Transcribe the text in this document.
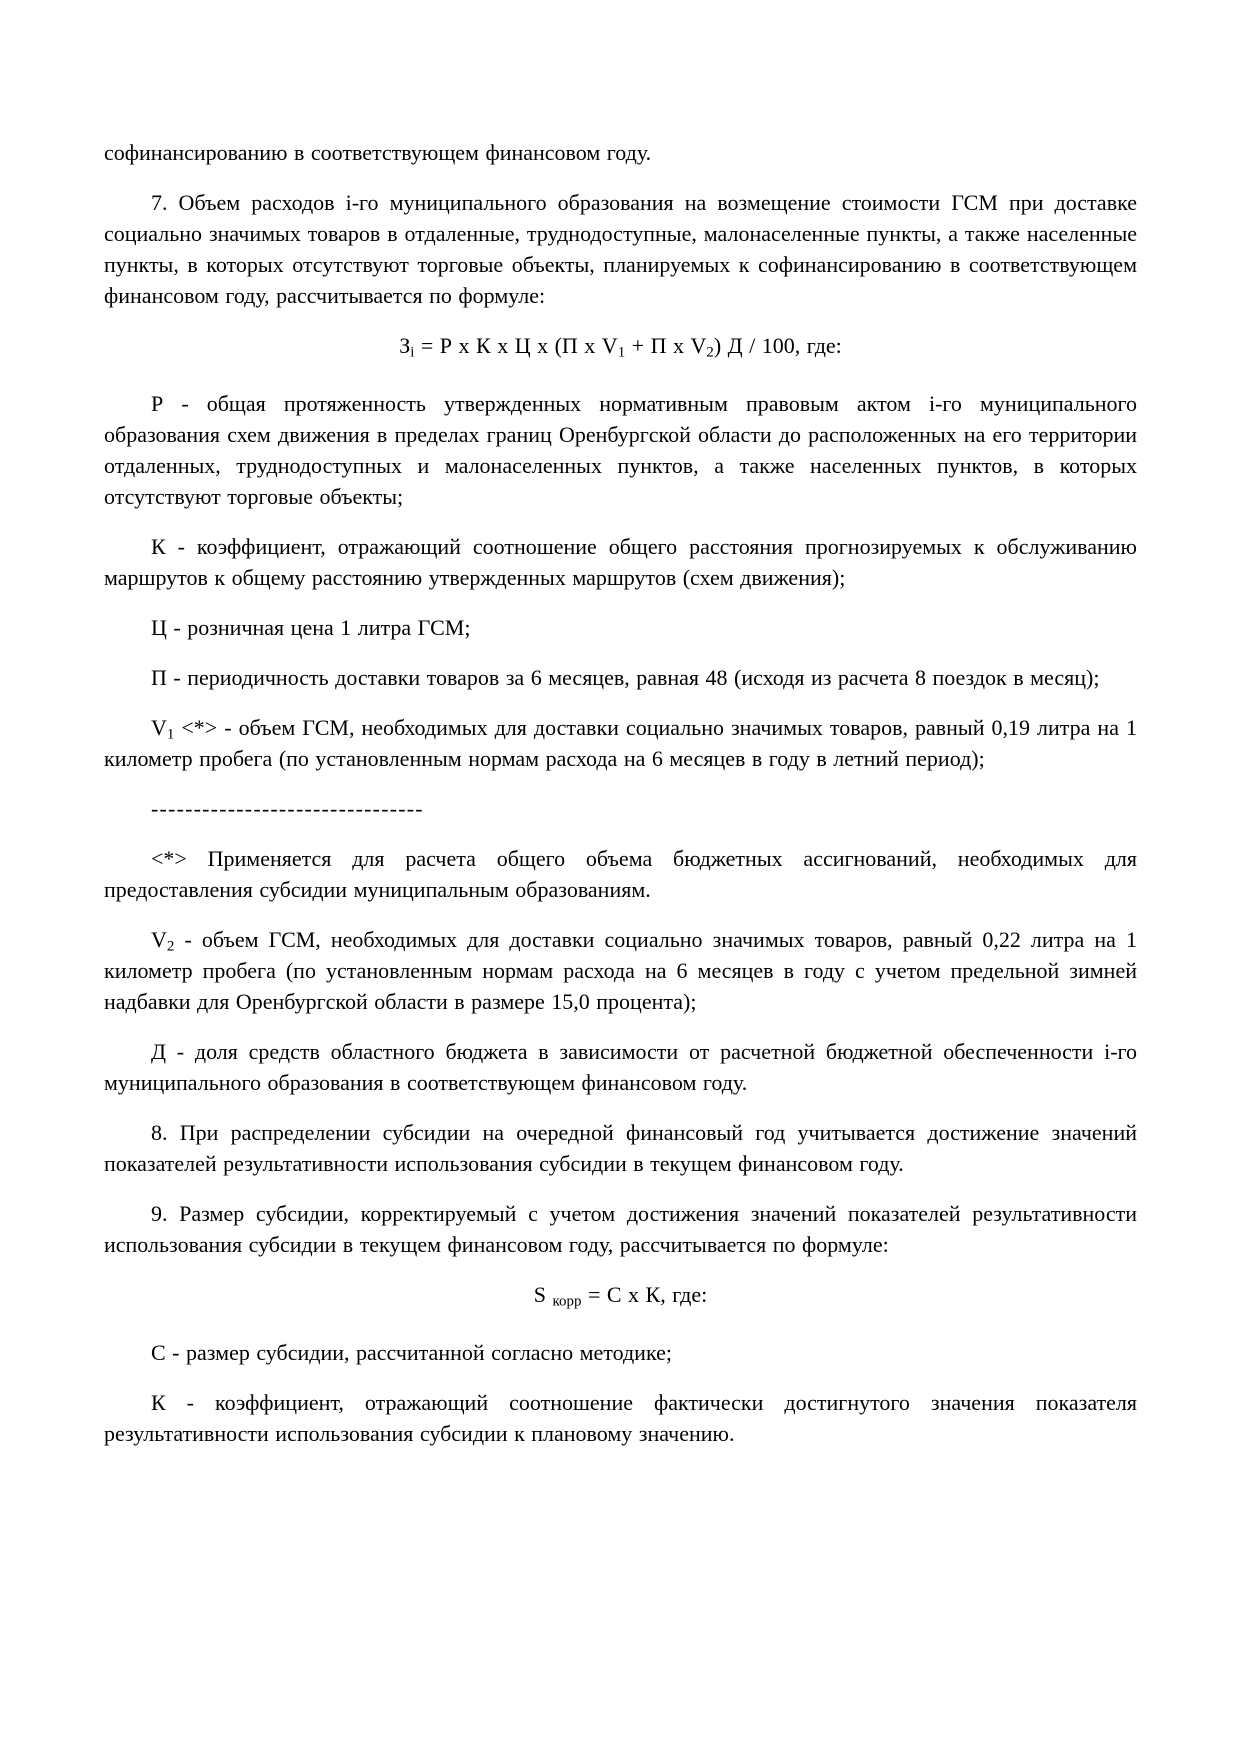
софинансированию в соответствующем финансовом году.

7. Объем расходов i-го муниципального образования на возмещение стоимости ГСМ при доставке социально значимых товаров в отдаленные, труднодоступные, малонаселенные пункты, а также населенные пункты, в которых отсутствуют торговые объекты, планируемых к софинансированию в соответствующем финансовом году, рассчитывается по формуле:

$З_i = Р$ х К х Ц х (П х $V_1 + П$ х $V_2$) Д / 100, где:

Р - общая протяженность утвержденных нормативным правовым актом i-го муниципального образования схем движения в пределах границ Оренбургской области до расположенных на его территории отдаленных, труднодоступных и малонаселенных пунктов, а также населенных пунктов, в которых отсутствуют торговые объекты;

К - коэффициент, отражающий соотношение общего расстояния прогнозируемых к обслуживанию маршрутов к общему расстоянию утвержденных маршрутов (схем движения);

Ц - розничная цена 1 литра ГСМ;

П - периодичность доставки товаров за 6 месяцев, равная 48 (исходя из расчета 8 поездок в месяц);

$V_1$ <*> - объем ГСМ, необходимых для доставки социально значимых товаров, равный 0,19 литра на 1 километр пробега (по установленным нормам расхода на 6 месяцев в году в летний период);

--------------------------------

<*> Применяется для расчета общего объема бюджетных ассигнований, необходимых для предоставления субсидии муниципальным образованиям.

$V_2$ - объем ГСМ, необходимых для доставки социально значимых товаров, равный 0,22 литра на 1 километр пробега (по установленным нормам расхода на 6 месяцев в году с учетом предельной зимней надбавки для Оренбургской области в размере 15,0 процента);

Д - доля средств областного бюджета в зависимости от расчетной бюджетной обеспеченности i-го муниципального образования в соответствующем финансовом году.

8. При распределении субсидии на очередной финансовый год учитывается достижение значений показателей результативности использования субсидии в текущем финансовом году.

9. Размер субсидии, корректируемый с учетом достижения значений показателей результативности использования субсидии в текущем финансовом году, рассчитывается по формуле:

S $_{корр}$ = С х К, где:

С - размер субсидии, рассчитанной согласно методике;

К - коэффициент, отражающий соотношение фактически достигнутого значения показателя результативности использования субсидии к плановому значению.
